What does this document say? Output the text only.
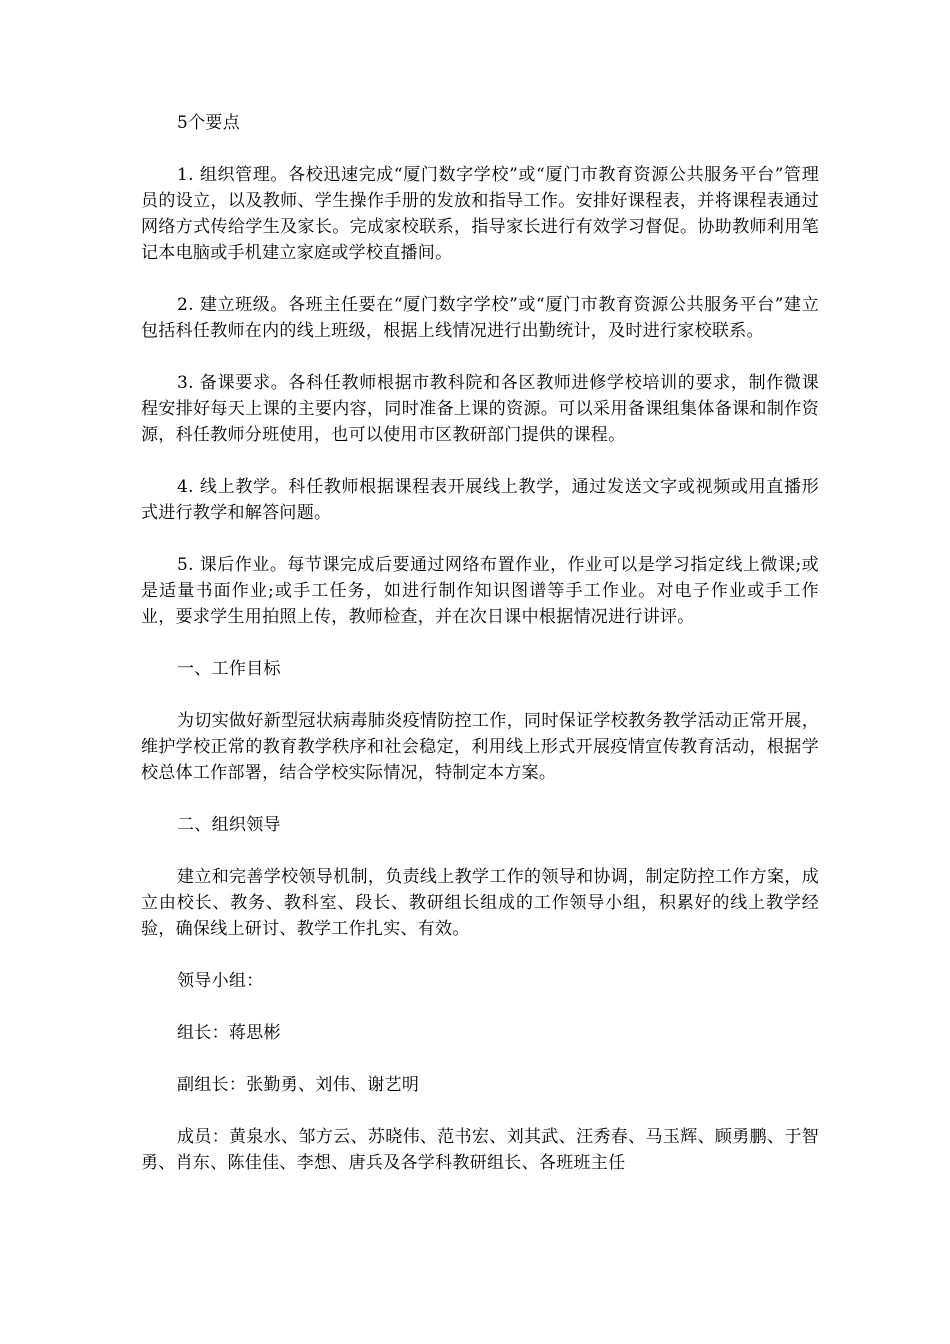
5个要点

1. 组织管理。各校迅速完成“厦门数字学校”或“厦门市教育资源公共服务平台”管理员的设立，以及教师、学生操作手册的发放和指导工作。安排好课程表，并将课程表通过网络方式传给学生及家长。完成家校联系，指导家长进行有效学习督促。协助教师利用笔记本电脑或手机建立家庭或学校直播间。

2. 建立班级。各班主任要在“厦门数字学校”或“厦门市教育资源公共服务平台”建立包括科任教师在内的线上班级，根据上线情况进行出勤统计，及时进行家校联系。

3. 备课要求。各科任教师根据市教科院和各区教师进修学校培训的要求，制作微课程安排好每天上课的主要内容，同时准备上课的资源。可以采用备课组集体备课和制作资源，科任教师分班使用，也可以使用市区教研部门提供的课程。

4. 线上教学。科任教师根据课程表开展线上教学，通过发送文字或视频或用直播形式进行教学和解答问题。

5. 课后作业。每节课完成后要通过网络布置作业，作业可以是学习指定线上微课;或是适量书面作业;或手工任务，如进行制作知识图谱等手工作业。对电子作业或手工作业，要求学生用拍照上传，教师检查，并在次日课中根据情况进行讲评。

一、工作目标

为切实做好新型冠状病毒肺炎疫情防控工作，同时保证学校教务教学活动正常开展，维护学校正常的教育教学秩序和社会稳定，利用线上形式开展疫情宣传教育活动，根据学校总体工作部署，结合学校实际情况，特制定本方案。

二、组织领导

建立和完善学校领导机制，负责线上教学工作的领导和协调，制定防控工作方案，成立由校长、教务、教科室、段长、教研组长组成的工作领导小组，积累好的线上教学经验，确保线上研讨、教学工作扎实、有效。

领导小组：

组长：蒋思彬

副组长：张勤勇、刘伟、谢艺明

成员：黄泉水、邹方云、苏晓伟、范书宏、刘其武、汪秀春、马玉辉、顾勇鹏、于智勇、肖东、陈佳佳、李想、唐兵及各学科教研组长、各班班主任
